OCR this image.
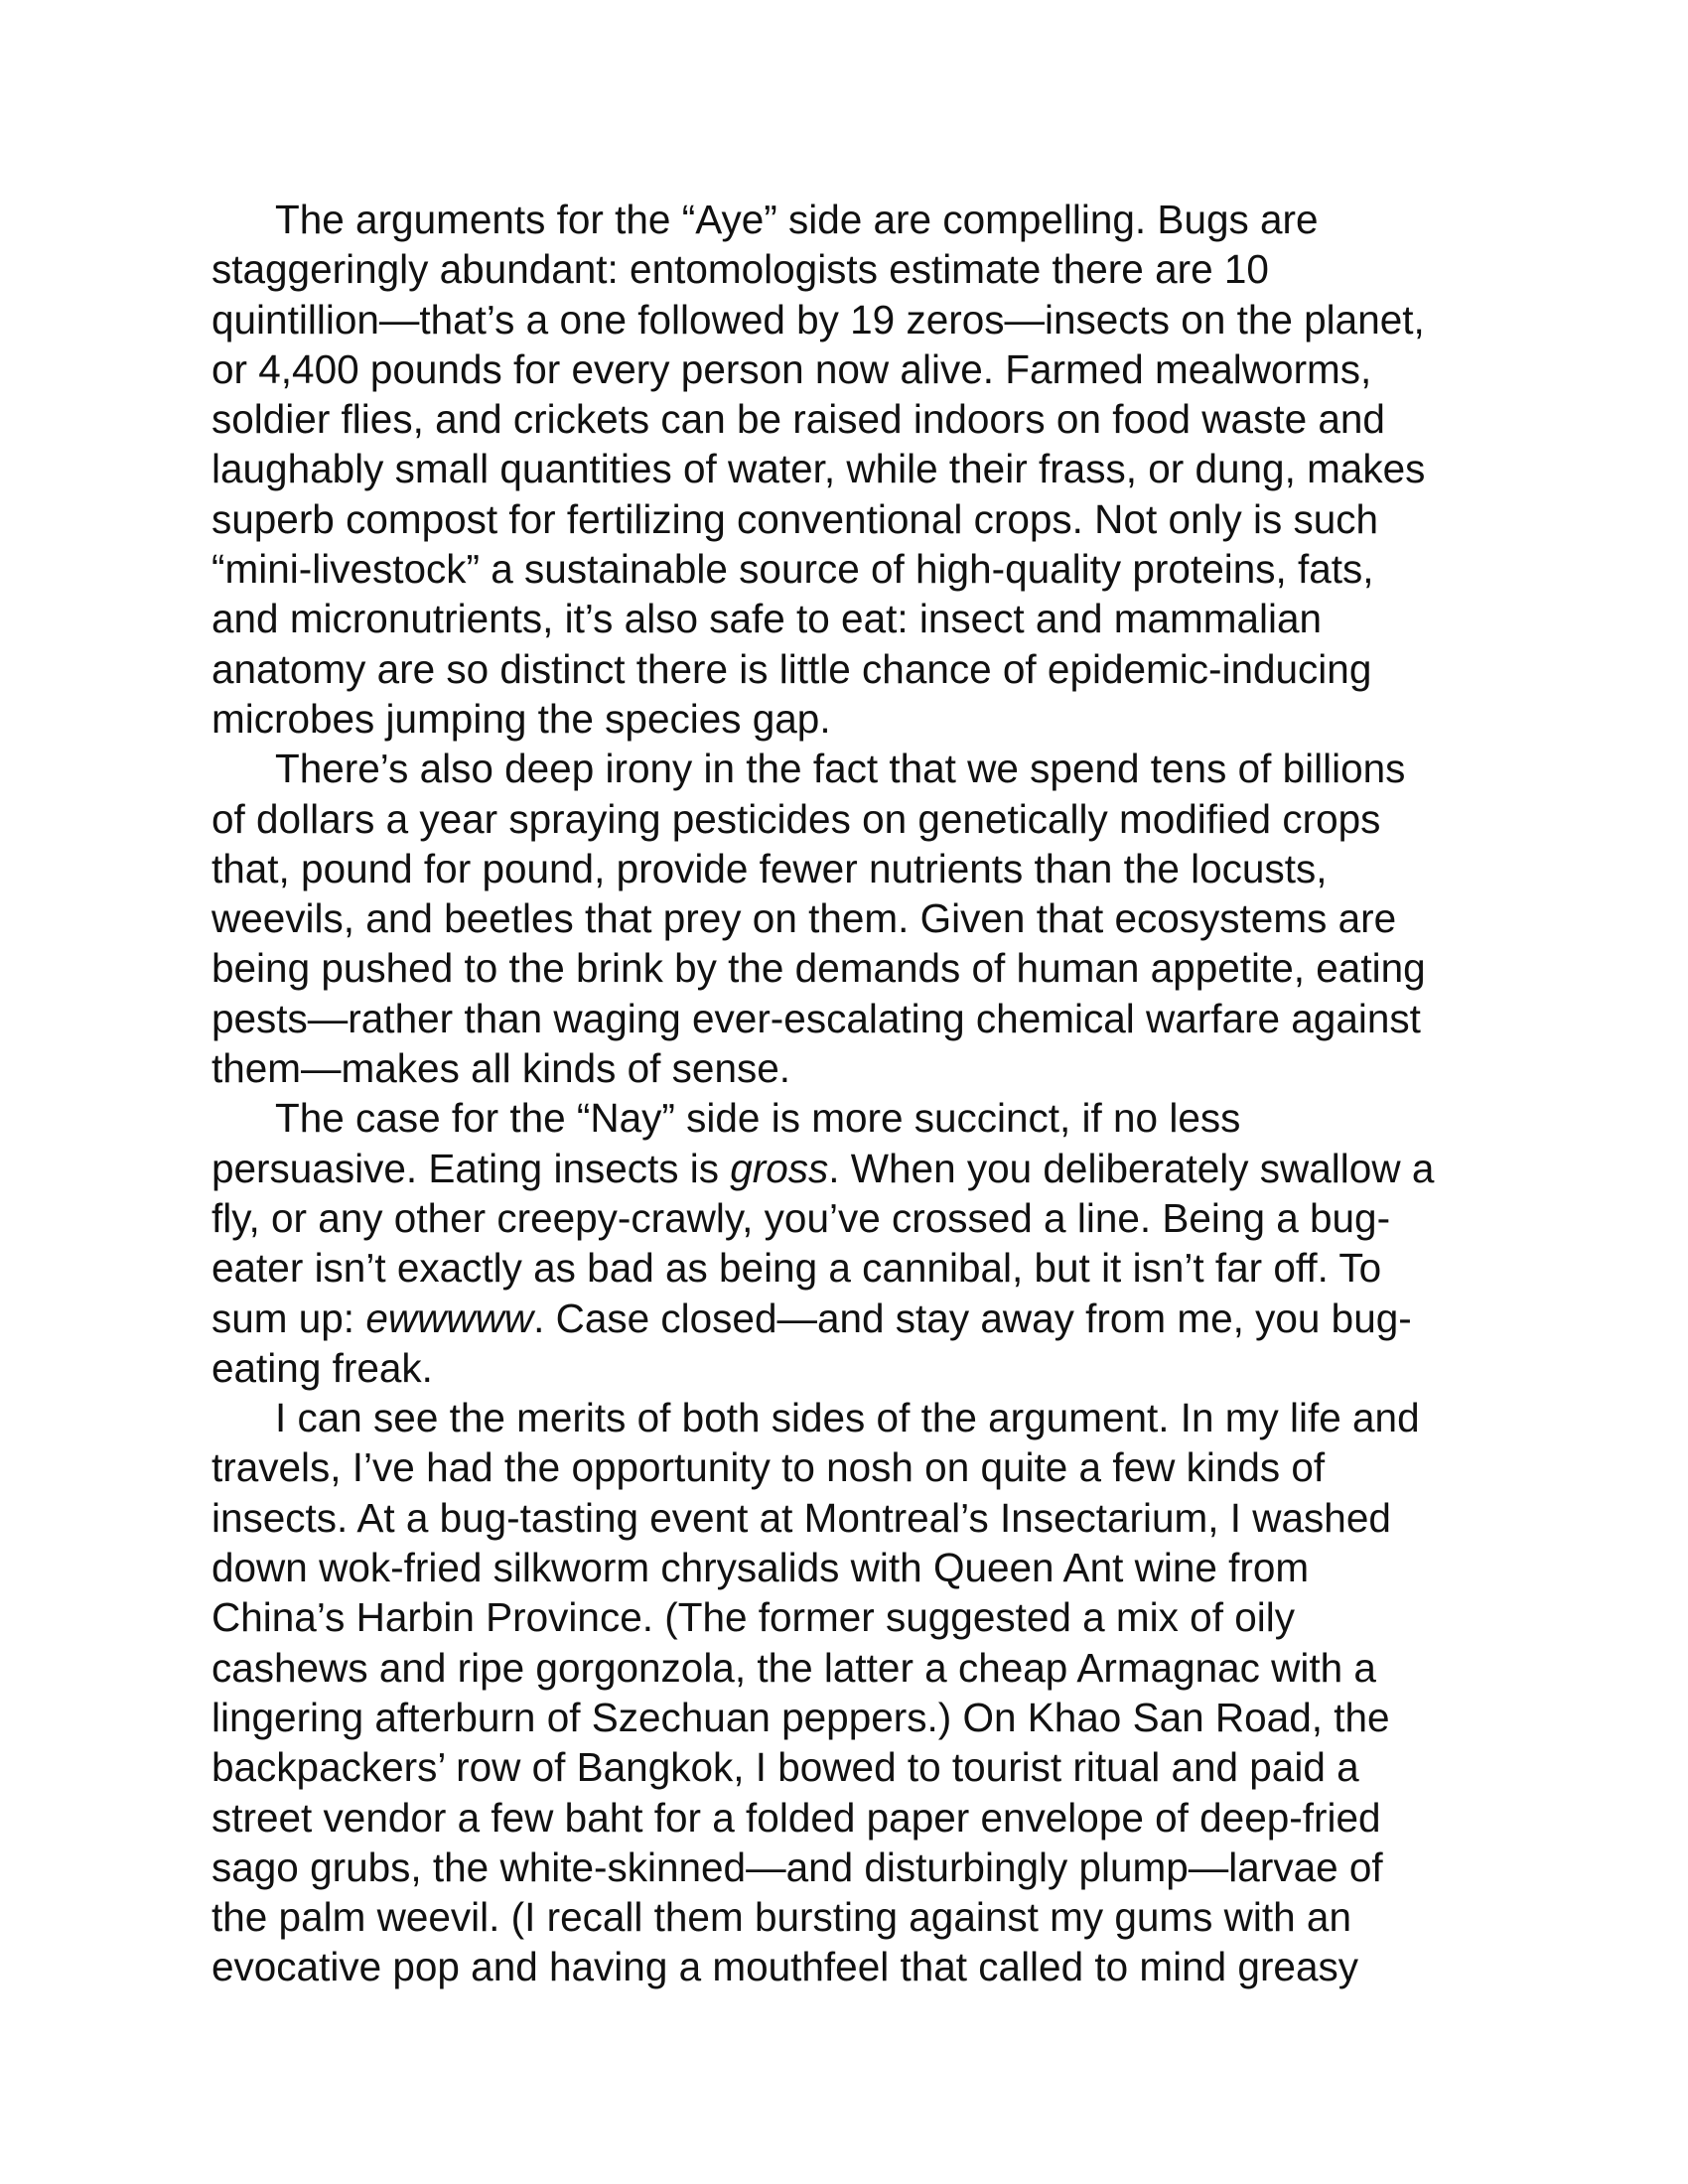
The arguments for the “Aye” side are compelling. Bugs are
staggeringly abundant: entomologists estimate there are 10
quintillion—that’s a one followed by 19 zeros—insects on the planet,
or 4,400 pounds for every person now alive. Farmed mealworms,
soldier flies, and crickets can be raised indoors on food waste and
laughably small quantities of water, while their frass, or dung, makes
superb compost for fertilizing conventional crops. Not only is such
“mini-livestock” a sustainable source of high-quality proteins, fats,
and micronutrients, it’s also safe to eat: insect and mammalian
anatomy are so distinct there is little chance of epidemic-inducing
microbes jumping the species gap.
There’s also deep irony in the fact that we spend tens of billions
of dollars a year spraying pesticides on genetically modified crops
that, pound for pound, provide fewer nutrients than the locusts,
weevils, and beetles that prey on them. Given that ecosystems are
being pushed to the brink by the demands of human appetite, eating
pests—rather than waging ever-escalating chemical warfare against
them—makes all kinds of sense.
The case for the “Nay” side is more succinct, if no less
persuasive. Eating insects is gross. When you deliberately swallow a
fly, or any other creepy-crawly, you’ve crossed a line. Being a bug-
eater isn’t exactly as bad as being a cannibal, but it isn’t far off. To
sum up: ewwwww. Case closed—and stay away from me, you bug-
eating freak.
I can see the merits of both sides of the argument. In my life and
travels, I’ve had the opportunity to nosh on quite a few kinds of
insects. At a bug-tasting event at Montreal’s Insectarium, I washed
down wok-fried silkworm chrysalids with Queen Ant wine from
China’s Harbin Province. (The former suggested a mix of oily
cashews and ripe gorgonzola, the latter a cheap Armagnac with a
lingering afterburn of Szechuan peppers.) On Khao San Road, the
backpackers’ row of Bangkok, I bowed to tourist ritual and paid a
street vendor a few baht for a folded paper envelope of deep-fried
sago grubs, the white-skinned—and disturbingly plump—larvae of
the palm weevil. (I recall them bursting against my gums with an
evocative pop and having a mouthfeel that called to mind greasy
